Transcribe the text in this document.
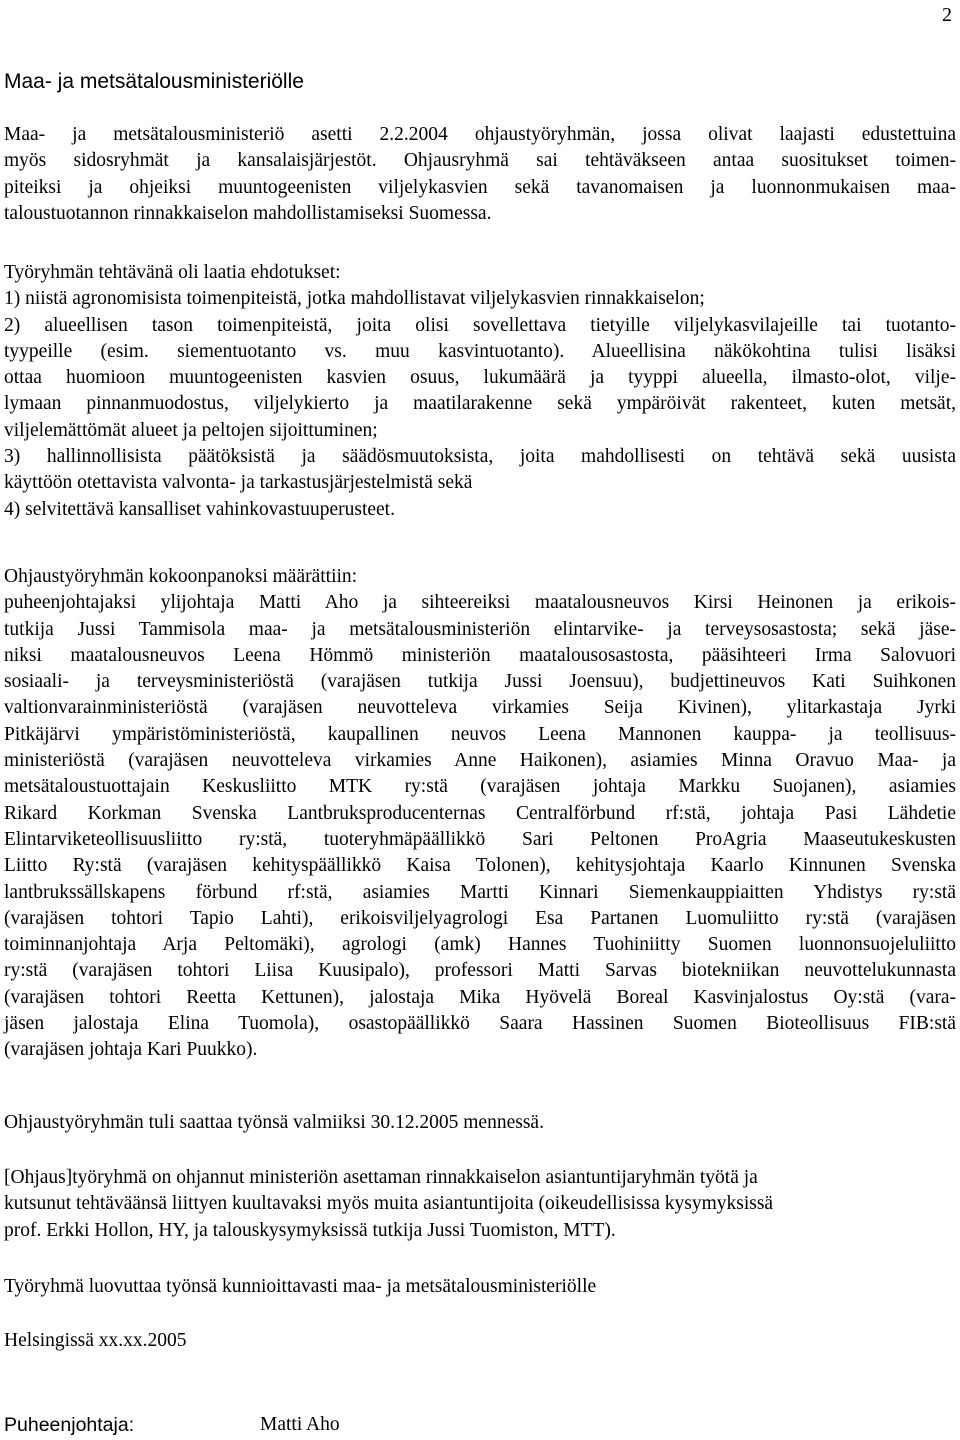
2
Maa- ja metsätalousministeriölle
Maa- ja metsätalousministeriö asetti 2.2.2004 ohjaustyöryhmän, jossa olivat laajasti edustettuina
myös sidosryhmät ja kansalaisjärjestöt. Ohjausryhmä sai tehtäväkseen antaa suositukset toimen-
piteiksi ja ohjeiksi muuntogeenisten viljelykasvien sekä tavanomaisen ja luonnonmukaisen maa-
taloustuotannon rinnakkaiselon mahdollistamiseksi Suomessa.
Työryhmän tehtävänä oli laatia ehdotukset:
1) niistä agronomisista toimenpiteistä, jotka mahdollistavat viljelykasvien rinnakkaiselon;
2) alueellisen tason toimenpiteistä, joita olisi sovellettava tietyille viljelykasvilajeille tai tuotanto-
tyypeille (esim. siementuotanto vs. muu kasvintuotanto). Alueellisina näkökohtina tulisi lisäksi
ottaa huomioon muuntogeenisten kasvien osuus, lukumäärä ja tyyppi alueella, ilmasto-olot, vilje-
lymaan pinnanmuodostus, viljelykierto ja maatilarakenne sekä ympäröivät rakenteet, kuten metsät,
viljelemättömät alueet ja peltojen sijoittuminen;
3) hallinnollisista päätöksistä ja säädösmuutoksista, joita mahdollisesti on tehtävä sekä uusista
käyttöön otettavista valvonta- ja tarkastusjärjestelmistä sekä
4) selvitettävä kansalliset vahinkovastuuperusteet.
Ohjaustyöryhmän kokoonpanoksi määrättiin:
puheenjohtajaksi ylijohtaja Matti Aho ja sihteereiksi maatalousneuvos Kirsi Heinonen ja erikois-
tutkija Jussi Tammisola maa- ja metsätalousministeriön elintarvike- ja terveysosastosta; sekä jäse-
niksi maatalousneuvos Leena Hömmö ministeriön maatalousosastosta, pääsihteeri Irma Salovuori
sosiaali- ja terveysministeriöstä (varajäsen tutkija Jussi Joensuu), budjettineuvos Kati Suihkonen
valtionvarainministeriöstä (varajäsen neuvotteleva virkamies Seija Kivinen), ylitarkastaja Jyrki
Pitkäjärvi ympäristöministeriöstä, kaupallinen neuvos Leena Mannonen kauppa- ja teollisuus-
ministeriöstä (varajäsen neuvotteleva virkamies Anne Haikonen), asiamies Minna Oravuo Maa- ja
metsätaloustuottajain Keskusliitto MTK ry:stä (varajäsen johtaja Markku Suojanen), asiamies
Rikard Korkman Svenska Lantbruksproducenternas Centralförbund rf:stä, johtaja Pasi Lähdetie
Elintarviketeollisuusliitto ry:stä, tuoteryhmäpäällikkö Sari Peltonen ProAgria Maaseutukeskusten
Liitto Ry:stä (varajäsen kehityspäällikkö Kaisa Tolonen), kehitysjohtaja Kaarlo Kinnunen Svenska
lantbrukssällskapens förbund rf:stä, asiamies Martti Kinnari Siemenkauppiaitten Yhdistys ry:stä
(varajäsen tohtori Tapio Lahti), erikoisviljelyagrologi Esa Partanen Luomuliitto ry:stä (varajäsen
toiminnanjohtaja Arja Peltomäki), agrologi (amk) Hannes Tuohiniitty Suomen luonnonsuojeluliitto
ry:stä (varajäsen tohtori Liisa Kuusipalo), professori Matti Sarvas biotekniikan neuvottelukunnasta
(varajäsen tohtori Reetta Kettunen), jalostaja Mika Hyövelä Boreal Kasvinjalostus Oy:stä (vara-
jäsen jalostaja Elina Tuomola), osastopäällikkö Saara Hassinen Suomen Bioteollisuus FIB:stä
(varajäsen johtaja Kari Puukko).
Ohjaustyöryhmän tuli saattaa työnsä valmiiksi 30.12.2005 mennessä.
[Ohjaus]työryhmä on ohjannut ministeriön asettaman rinnakkaiselon asiantuntijaryhmän työtä ja
kutsunut tehtäväänsä liittyen kuultavaksi myös muita asiantuntijoita (oikeudellisissa kysymyksissä
prof. Erkki Hollon, HY, ja talouskysymyksissä tutkija Jussi Tuomiston, MTT).
Työryhmä luovuttaa työnsä kunnioittavasti maa- ja metsätalousministeriölle
Helsingissä xx.xx.2005
Puheenjohtaja:	Matti Aho
